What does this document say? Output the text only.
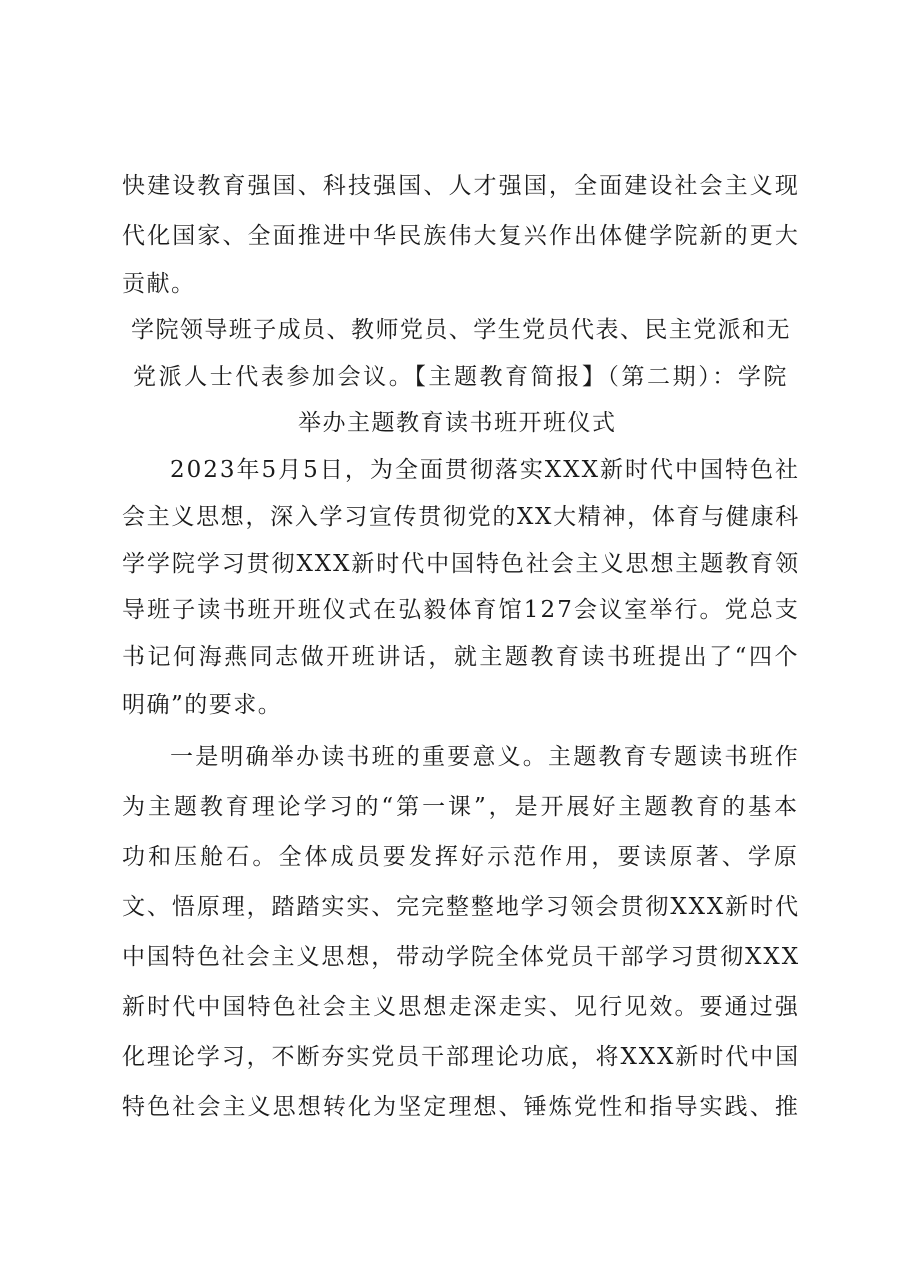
快建设教育强国、科技强国、人才强国，全面建设社会主义现
代化国家、全面推进中华民族伟大复兴作出体健学院新的更大
贡献。
学院领导班子成员、教师党员、学生党员代表、民主党派和无
党派人士代表参加会议。【主题教育简报】（第二期）：学院
举办主题教育读书班开班仪式
2023年5月5日，为全面贯彻落实XXX新时代中国特色社
会主义思想，深入学习宣传贯彻党的XX大精神，体育与健康科
学学院学习贯彻XXX新时代中国特色社会主义思想主题教育领
导班子读书班开班仪式在弘毅体育馆127会议室举行。党总支
书记何海燕同志做开班讲话，就主题教育读书班提出了“四个
明确”的要求。
一是明确举办读书班的重要意义。主题教育专题读书班作
为主题教育理论学习的“第一课”，是开展好主题教育的基本
功和压舱石。全体成员要发挥好示范作用，要读原著、学原
文、悟原理，踏踏实实、完完整整地学习领会贯彻XXX新时代
中国特色社会主义思想，带动学院全体党员干部学习贯彻XXX
新时代中国特色社会主义思想走深走实、见行见效。要通过强
化理论学习，不断夯实党员干部理论功底，将XXX新时代中国
特色社会主义思想转化为坚定理想、锤炼党性和指导实践、推
